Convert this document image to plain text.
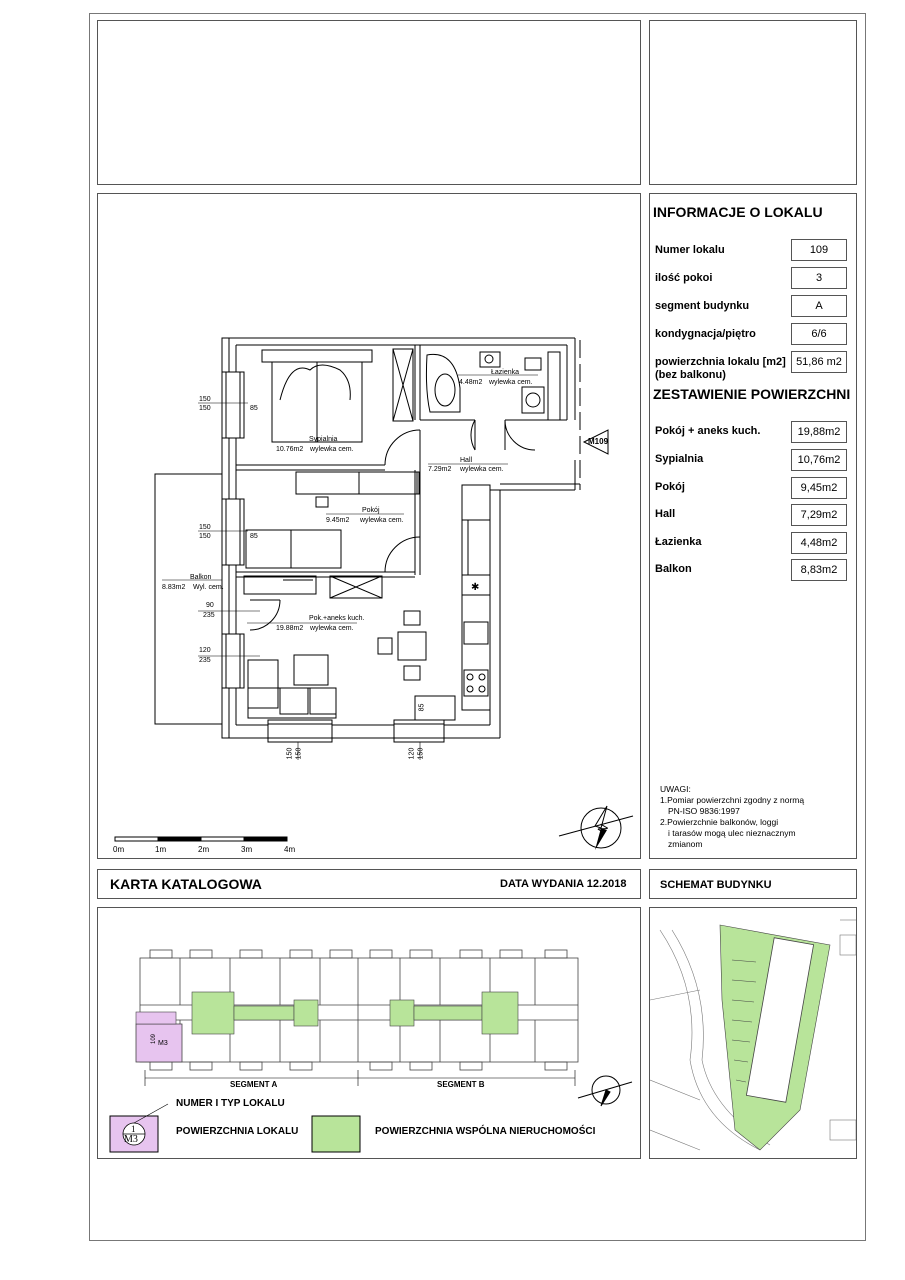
INFORMACJE O LOKALU
Numer lokalu	109
ilość pokoi	3
segment budynku	A
kondygnacja/piętro	6/6
powierzchnia lokalu [m2]
(bez balkonu)
51,86 m2
ZESTAWIENIE POWIERZCHNI
Pokój + aneks kuch.	19,88m2
Sypialnia	10,76m2
Pokój	9,45m2
Hall	7,29m2
Łazienka	4,48m2
Balkon	8,83m2
UWAGI:
1.Pomiar powierzchni zgodny z normą
PN-ISO 9836:1997
2.Powierzchnie balkonów, loggi
i tarasów mogą ulec nieznacznym
zmianom
N
✱
Sypialnia
10.76m2 wylewka cem.
Łazienka
4.48m2 wylewka cem.
Hall
7.29m2 wylewka cem.
Pokój
9.45m2 wylewka cem.
Pok.+aneks kuch.
19.88m2 wylewka cem.
Balkon
8.83m2 Wyl. cem.
M109
150
150	85
150
150	85
90
235
120
235
150 150	120 150
85
0m	1m	2m	3m	4m
KARTA KATALOGOWA	DATA WYDANIA 12.2018	SCHEMAT BUDYNKU
SEGMENT A	SEGMENT B
109 M3
1
M3
NUMER I TYP LOKALU
POWIERZCHNIA LOKALU	POWIERZCHNIA WSPÓLNA NIERUCHOMOŚCI
